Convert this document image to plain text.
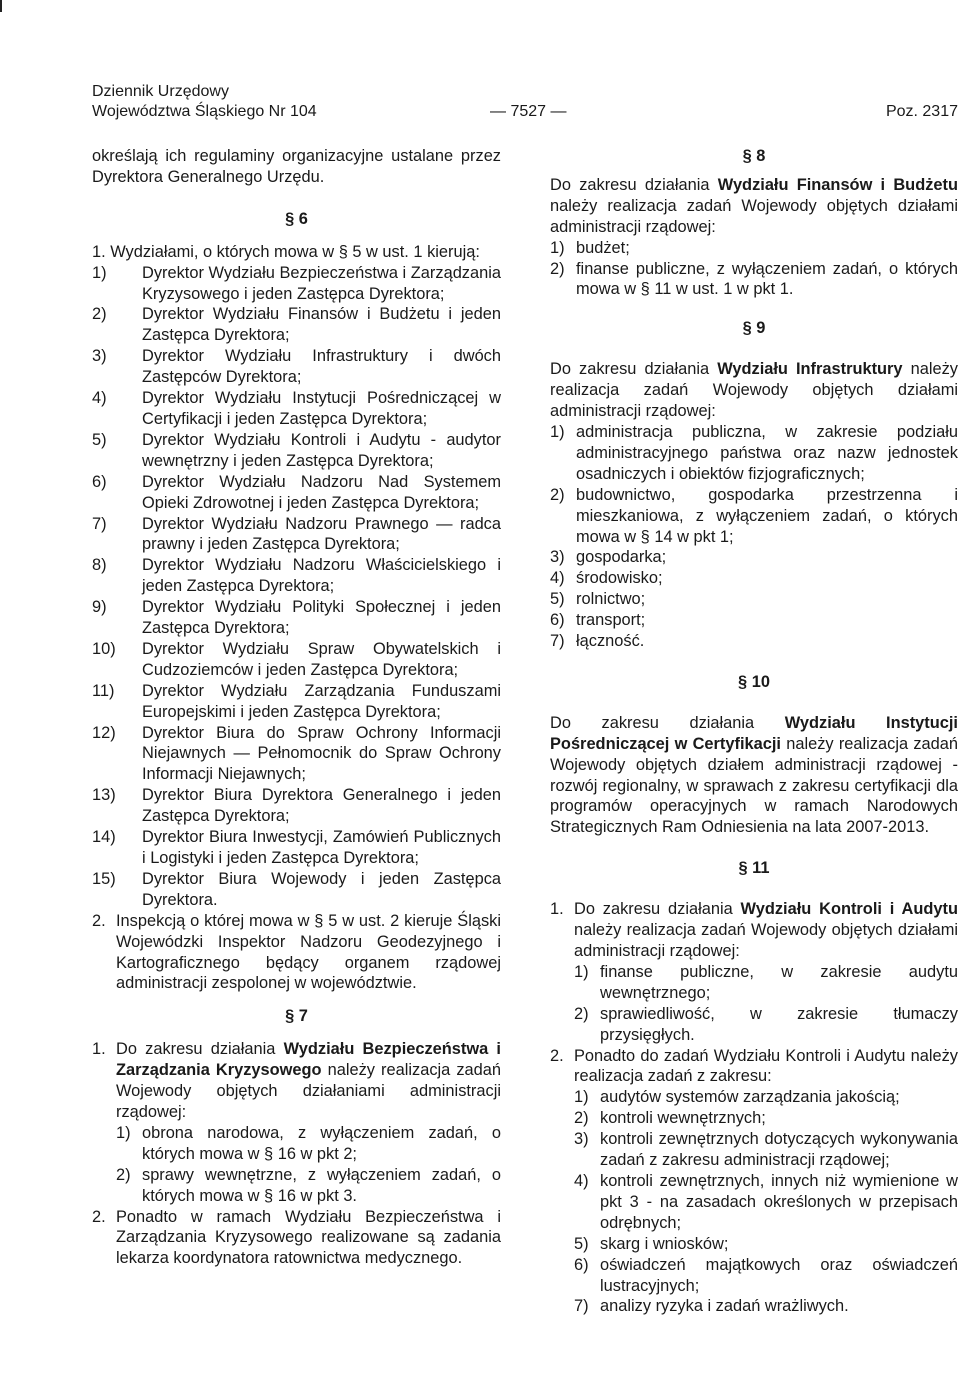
Dziennik Urzędowy
Województwa Śląskiego Nr 104	— 7527 —	Poz. 2317

określają ich regulaminy organizacyjne ustalane przez Dyrektora Generalnego Urzędu.

§ 6

1. Wydziałami, o których mowa w § 5 w ust. 1 kierują:

1)	Dyrektor Wydziału Bezpieczeństwa i Zarządzania Kryzysowego i jeden Zastępca Dyrektora;
2)	Dyrektor Wydziału Finansów i Budżetu i jeden Zastępca Dyrektora;
3)	Dyrektor Wydziału Infrastruktury i dwóch Zastępców Dyrektora;
4)	Dyrektor Wydziału Instytucji Pośredniczącej w Certyfikacji i jeden Zastępca Dyrektora;
5)	Dyrektor Wydziału Kontroli i Audytu - audytor wewnętrzny i jeden Zastępca Dyrektora;
6)	Dyrektor Wydziału Nadzoru Nad Systemem Opieki Zdrowotnej i jeden Zastępca Dyrektora;
7)	Dyrektor Wydziału Nadzoru Prawnego — radca prawny i jeden Zastępca Dyrektora;
8)	Dyrektor Wydziału Nadzoru Właścicielskiego i jeden Zastępca Dyrektora;
9)	Dyrektor Wydziału Polityki Społecznej i jeden Zastępca Dyrektora;
10)	Dyrektor Wydziału Spraw Obywatelskich i Cudzoziemców i jeden Zastępca Dyrektora;
11)	Dyrektor Wydziału Zarządzania Funduszami Europejskimi i jeden Zastępca Dyrektora;
12)	Dyrektor Biura do Spraw Ochrony Informacji Niejawnych — Pełnomocnik do Spraw Ochrony Informacji Niejawnych;
13)	Dyrektor Biura Dyrektora Generalnego i jeden Zastępca Dyrektora;
14)	Dyrektor Biura Inwestycji, Zamówień Publicznych i Logistyki i jeden Zastępca Dyrektora;
15)	Dyrektor Biura Wojewody i jeden Zastępca Dyrektora.
2. Inspekcją o której mowa w § 5 w ust. 2 kieruje Śląski Wojewódzki Inspektor Nadzoru Geodezyjnego i Kartograficznego będący organem rządowej administracji zespolonej w województwie.

§ 7

1. Do zakresu działania Wydziału Bezpieczeństwa i Zarządzania Kryzysowego należy realizacja zadań Wojewody objętych działaniami administracji rządowej:
1) obrona narodowa, z wyłączeniem zadań, o których mowa w § 16 w pkt 2;
2) sprawy wewnętrzne, z wyłączeniem zadań, o których mowa w § 16 w pkt 3.
2. Ponadto w ramach Wydziału Bezpieczeństwa i Zarządzania Kryzysowego realizowane są zadania lekarza koordynatora ratownictwa medycznego.

§ 8

Do zakresu działania Wydziału Finansów i Budżetu należy realizacja zadań Wojewody objętych działami administracji rządowej:

1) budżet;
2) finanse publiczne, z wyłączeniem zadań, o których mowa w § 11 w ust. 1 w pkt 1.

§ 9

Do zakresu działania Wydziału Infrastruktury należy realizacja zadań Wojewody objętych działami administracji rządowej:

1) administracja publiczna, w zakresie podziału administracyjnego państwa oraz nazw jednostek osadniczych i obiektów fizjograficznych;
2) budownictwo, gospodarka przestrzenna i mieszkaniowa, z wyłączeniem zadań, o których mowa w § 14 w pkt 1;
3) gospodarka;
4) środowisko;
5) rolnictwo;
6) transport;
7) łączność.

§ 10

Do zakresu działania Wydziału Instytucji Pośredniczącej w Certyfikacji należy realizacja zadań Wojewody objętych działem administracji rządowej - rozwój regionalny, w sprawach z zakresu certyfikacji dla programów operacyjnych w ramach Narodowych Strategicznych Ram Odniesienia na lata 2007-2013.

§ 11

1. Do zakresu działania Wydziału Kontroli i Audytu należy realizacja zadań Wojewody objętych działami administracji rządowej:
1) finanse publiczne, w zakresie audytu wewnętrznego;
2) sprawiedliwość, w zakresie tłumaczy przysięgłych.
2. Ponadto do zadań Wydziału Kontroli i Audytu należy realizacja zadań z zakresu:
1) audytów systemów zarządzania jakością;
2) kontroli wewnętrznych;
3) kontroli zewnętrznych dotyczących wykonywania zadań z zakresu administracji rządowej;
4) kontroli zewnętrznych, innych niż wymienione w pkt 3 - na zasadach określonych w przepisach odrębnych;
5) skarg i wniosków;
6) oświadczeń majątkowych oraz oświadczeń lustracyjnych;
7) analizy ryzyka i zadań wrażliwych.
